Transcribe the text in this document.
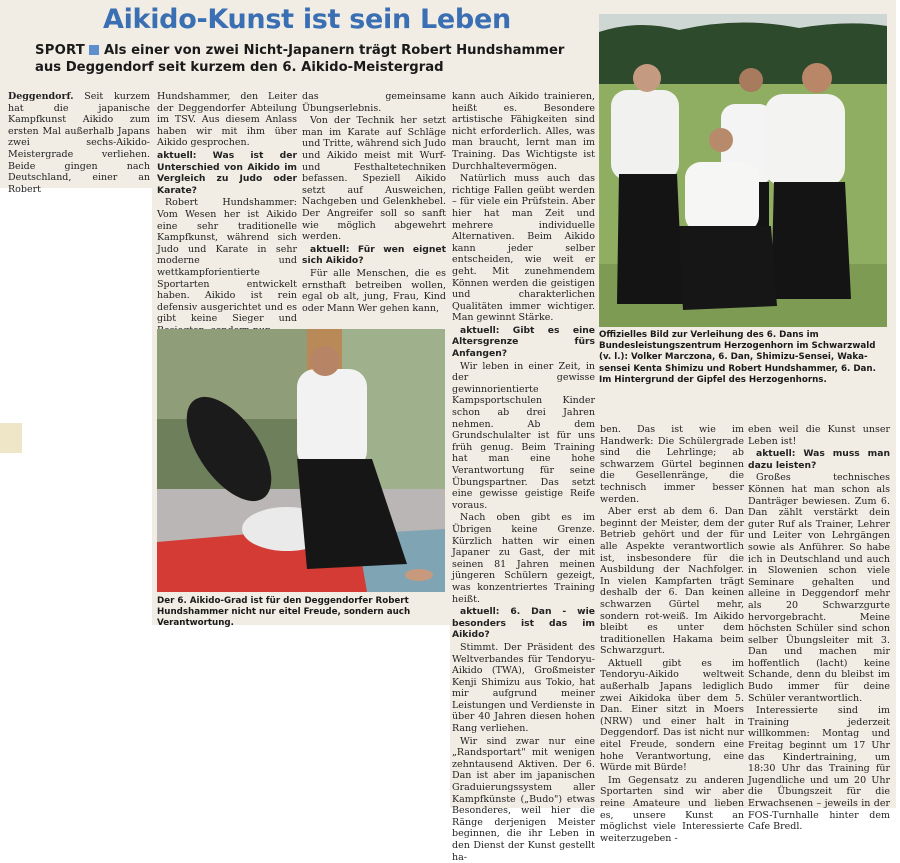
Aikido-Kunst ist sein Leben
SPORT Als einer von zwei Nicht-Japanern trägt Robert Hundshammer aus Deggendorf seit kurzem den 6. Aikido-Meistergrad

Deggendorf. Seit kurzem hat die japanische Kampfkunst Aikido zum ersten Mal außerhalb Japans zwei sechs-Aikido-Meistergrade verliehen. Beide gingen nach Deutschland, einer an Robert

Hundshammer, den Leiter der Deggendorfer Abteilung im TSV. Aus diesem Anlass haben wir mit ihm über Aikido gesprochen.

aktuell: Was ist der Unterschied von Aikido im Vergleich zu Judo oder Karate?

Robert Hundshammer: Vom Wesen her ist Aikido eine sehr traditionelle Kampfkunst, während sich Judo und Karate in sehr moderne und wettkampforientierte Sportarten entwickelt haben. Aikido ist rein defensiv ausgerichtet und es gibt keine Sieger und

das gemeinsame Übungserlebnis.

Von der Technik her setzt man im Karate auf Schläge und Tritte, während sich Judo und Aikido meist mit Wurf- und Festhaltetechniken befassen. Speziell Aikido setzt auf Ausweichen, Nachgeben und Gelenkhebel. Der Angreifer soll so sanft wie möglich abgewehrt werden.

aktuell: Für wen eignet sich Aikido?

Für alle Menschen, die es ernsthaft betreiben wollen, egal ob alt, jung, Frau, Kind oder Mann Wer gehen kann,

Der 6. Aikido-Grad ist für den Deggendorfer Robert Hundshammer nicht nur eitel Freude, sondern auch Verantwortung.

kann auch Aikido trainieren, heißt es. Besondere artistische Fähigkeiten sind nicht erforderlich. Alles, was man braucht, lernt man im Training. Das Wichtigste ist Durchhaltevermögen.

Natürlich muss auch das richtige Fallen geübt werden – für viele ein Prüfstein. Aber hier hat man Zeit und mehrere individuelle Alternativen. Beim Aikido kann jeder selber entscheiden, wie weit er geht. Mit zunehmendem Können werden die geistigen und charakterlichen Qualitäten immer wichtiger. Man gewinnt Stärke.

aktuell: Gibt es eine Altersgrenze fürs Anfangen?

Wir leben in einer Zeit, in der gewisse gewinnorientierte Kampsportschulen Kinder schon ab drei Jahren nehmen. Ab dem Grundschulalter ist für uns früh genug. Beim Training hat man eine hohe Verantwortung für seine Übungspartner. Das setzt eine gewisse geistige Reife voraus.

Nach oben gibt es im Übrigen keine Grenze. Kürzlich hatten wir einen Japaner zu Gast, der mit seinen 81 Jahren meinen jüngeren Schülern gezeigt, was konzentriertes Training heißt.

aktuell: 6. Dan - wie besonders ist das im Aikido?

Stimmt. Der Präsident des Weltverbandes für Tendoryu-Aikido (TWA), Großmeister Kenji Shimizu aus Tokio, hat mir aufgrund meiner Leistungen und Verdienste in über 40 Jahren diesen hohen Rang verliehen.

Wir sind zwar nur eine „Randsportart" mit wenigen zehntausend Aktiven. Der 6. Dan ist aber im japanischen Graduierungssystem aller Kampfkünste („Budo") etwas Besonderes, weil hier die Ränge derjenigen Meister beginnen, die ihr Leben in den Dienst der Kunst gestellt ha-

Offizielles Bild zur Verleihung des 6. Dans im Bundesleistungszentrum Herzogenhorn im Schwarzwald (v. l.): Volker Marczona, 6. Dan, Shimizu-Sensei, Waka-sensei Kenta Shimizu und Robert Hundshammer, 6. Dan. Im Hintergrund der Gipfel des Herzogenhorns.

ben. Das ist wie im Handwerk: Die Schülergrade sind die Lehrlinge; ab schwarzem Gürtel beginnen die Gesellenränge, die technisch immer besser werden.

Aber erst ab dem 6. Dan beginnt der Meister, dem der Betrieb gehört und der für alle Aspekte verantwortlich ist, insbesondere für die Ausbildung der Nachfolger. In vielen Kampfarten trägt deshalb der 6. Dan keinen schwarzen Gürtel mehr, sondern rot-weiß. Im Aikido bleibt es unter dem traditionellen Hakama beim Schwarzgurt.

Aktuell gibt es im Tendoryu-Aikido weltweit außerhalb Japans lediglich zwei Aikidoka über dem 5. Dan. Einer sitzt in Moers (NRW) und einer halt in Deggendorf. Das ist nicht nur eitel Freude, sondern eine hohe Verantwortung, eine Würde mit Bürde!

Im Gegensatz zu anderen Sportarten sind wir aber reine Amateure und lieben es, unsere Kunst an möglichst viele Interessierte weiterzugeben -

eben weil die Kunst unser Leben ist!

aktuell: Was muss man dazu leisten?

Großes technisches Können hat man schon als Danträger bewiesen. Zum 6. Dan zählt verstärkt dein guter Ruf als Trainer, Lehrer und Leiter von Lehrgängen sowie als Anführer. So habe ich in Deutschland und auch in Slowenien schon viele Seminare gehalten und alleine in Deggendorf mehr als 20 Schwarzgurte hervorgebracht. Meine höchsten Schüler sind schon selber Übungsleiter mit 3. Dan und machen mir hoffentlich (lacht) keine Schande, denn du bleibst im Budo immer für deine Schüler verantwortlich.

Interessierte sind im Training jederzeit willkommen: Montag und Freitag beginnt um 17 Uhr das Kindertraining, um 18:30 Uhr das Training für Jugendliche und um 20 Uhr die Übungszeit für die Erwachsenen – jeweils in der FOS-Turnhalle hinter dem Cafe Bredl.
